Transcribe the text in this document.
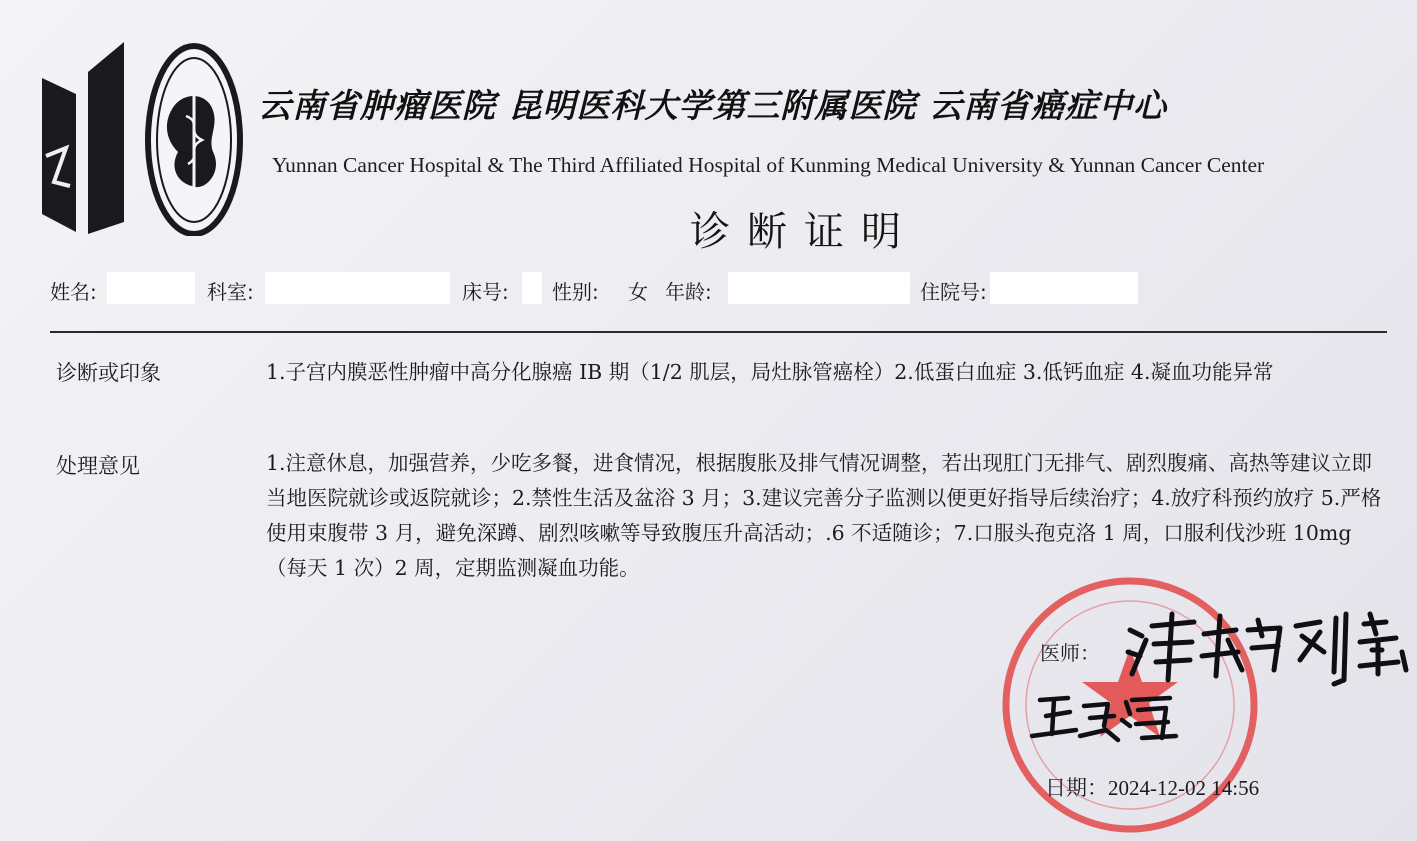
云南省肿瘤医院 昆明医科大学第三附属医院 云南省癌症中心
Yunnan Cancer Hospital & The Third Affiliated Hospital of Kunming Medical University & Yunnan Cancer Center
诊断证明
姓名:	科室:	床号: 性别: 女 年龄:	住院号:
诊断或印象	1.子宫内膜恶性肿瘤中高分化腺癌 IB 期（1/2 肌层，局灶脉管癌栓）2.低蛋白血症 3.低钙血症 4.凝血功能异常
处理意见	1.注意休息，加强营养，少吃多餐，进食情况，根据腹胀及排气情况调整，若出现肛门无排气、剧烈腹痛、高热等建议立即当地医院就诊或返院就诊；2.禁性生活及盆浴 3 月；3.建议完善分子监测以便更好指导后续治疗；4.放疗科预约放疗 5.严格使用束腹带 3 月，避免深蹲、剧烈咳嗽等导致腹压升高活动；.6 不适随诊；7.口服头孢克洛 1 周，口服利伐沙班 10mg（每天 1 次）2 周，定期监测凝血功能。
医师：
日期：2024-12-02 14:56
